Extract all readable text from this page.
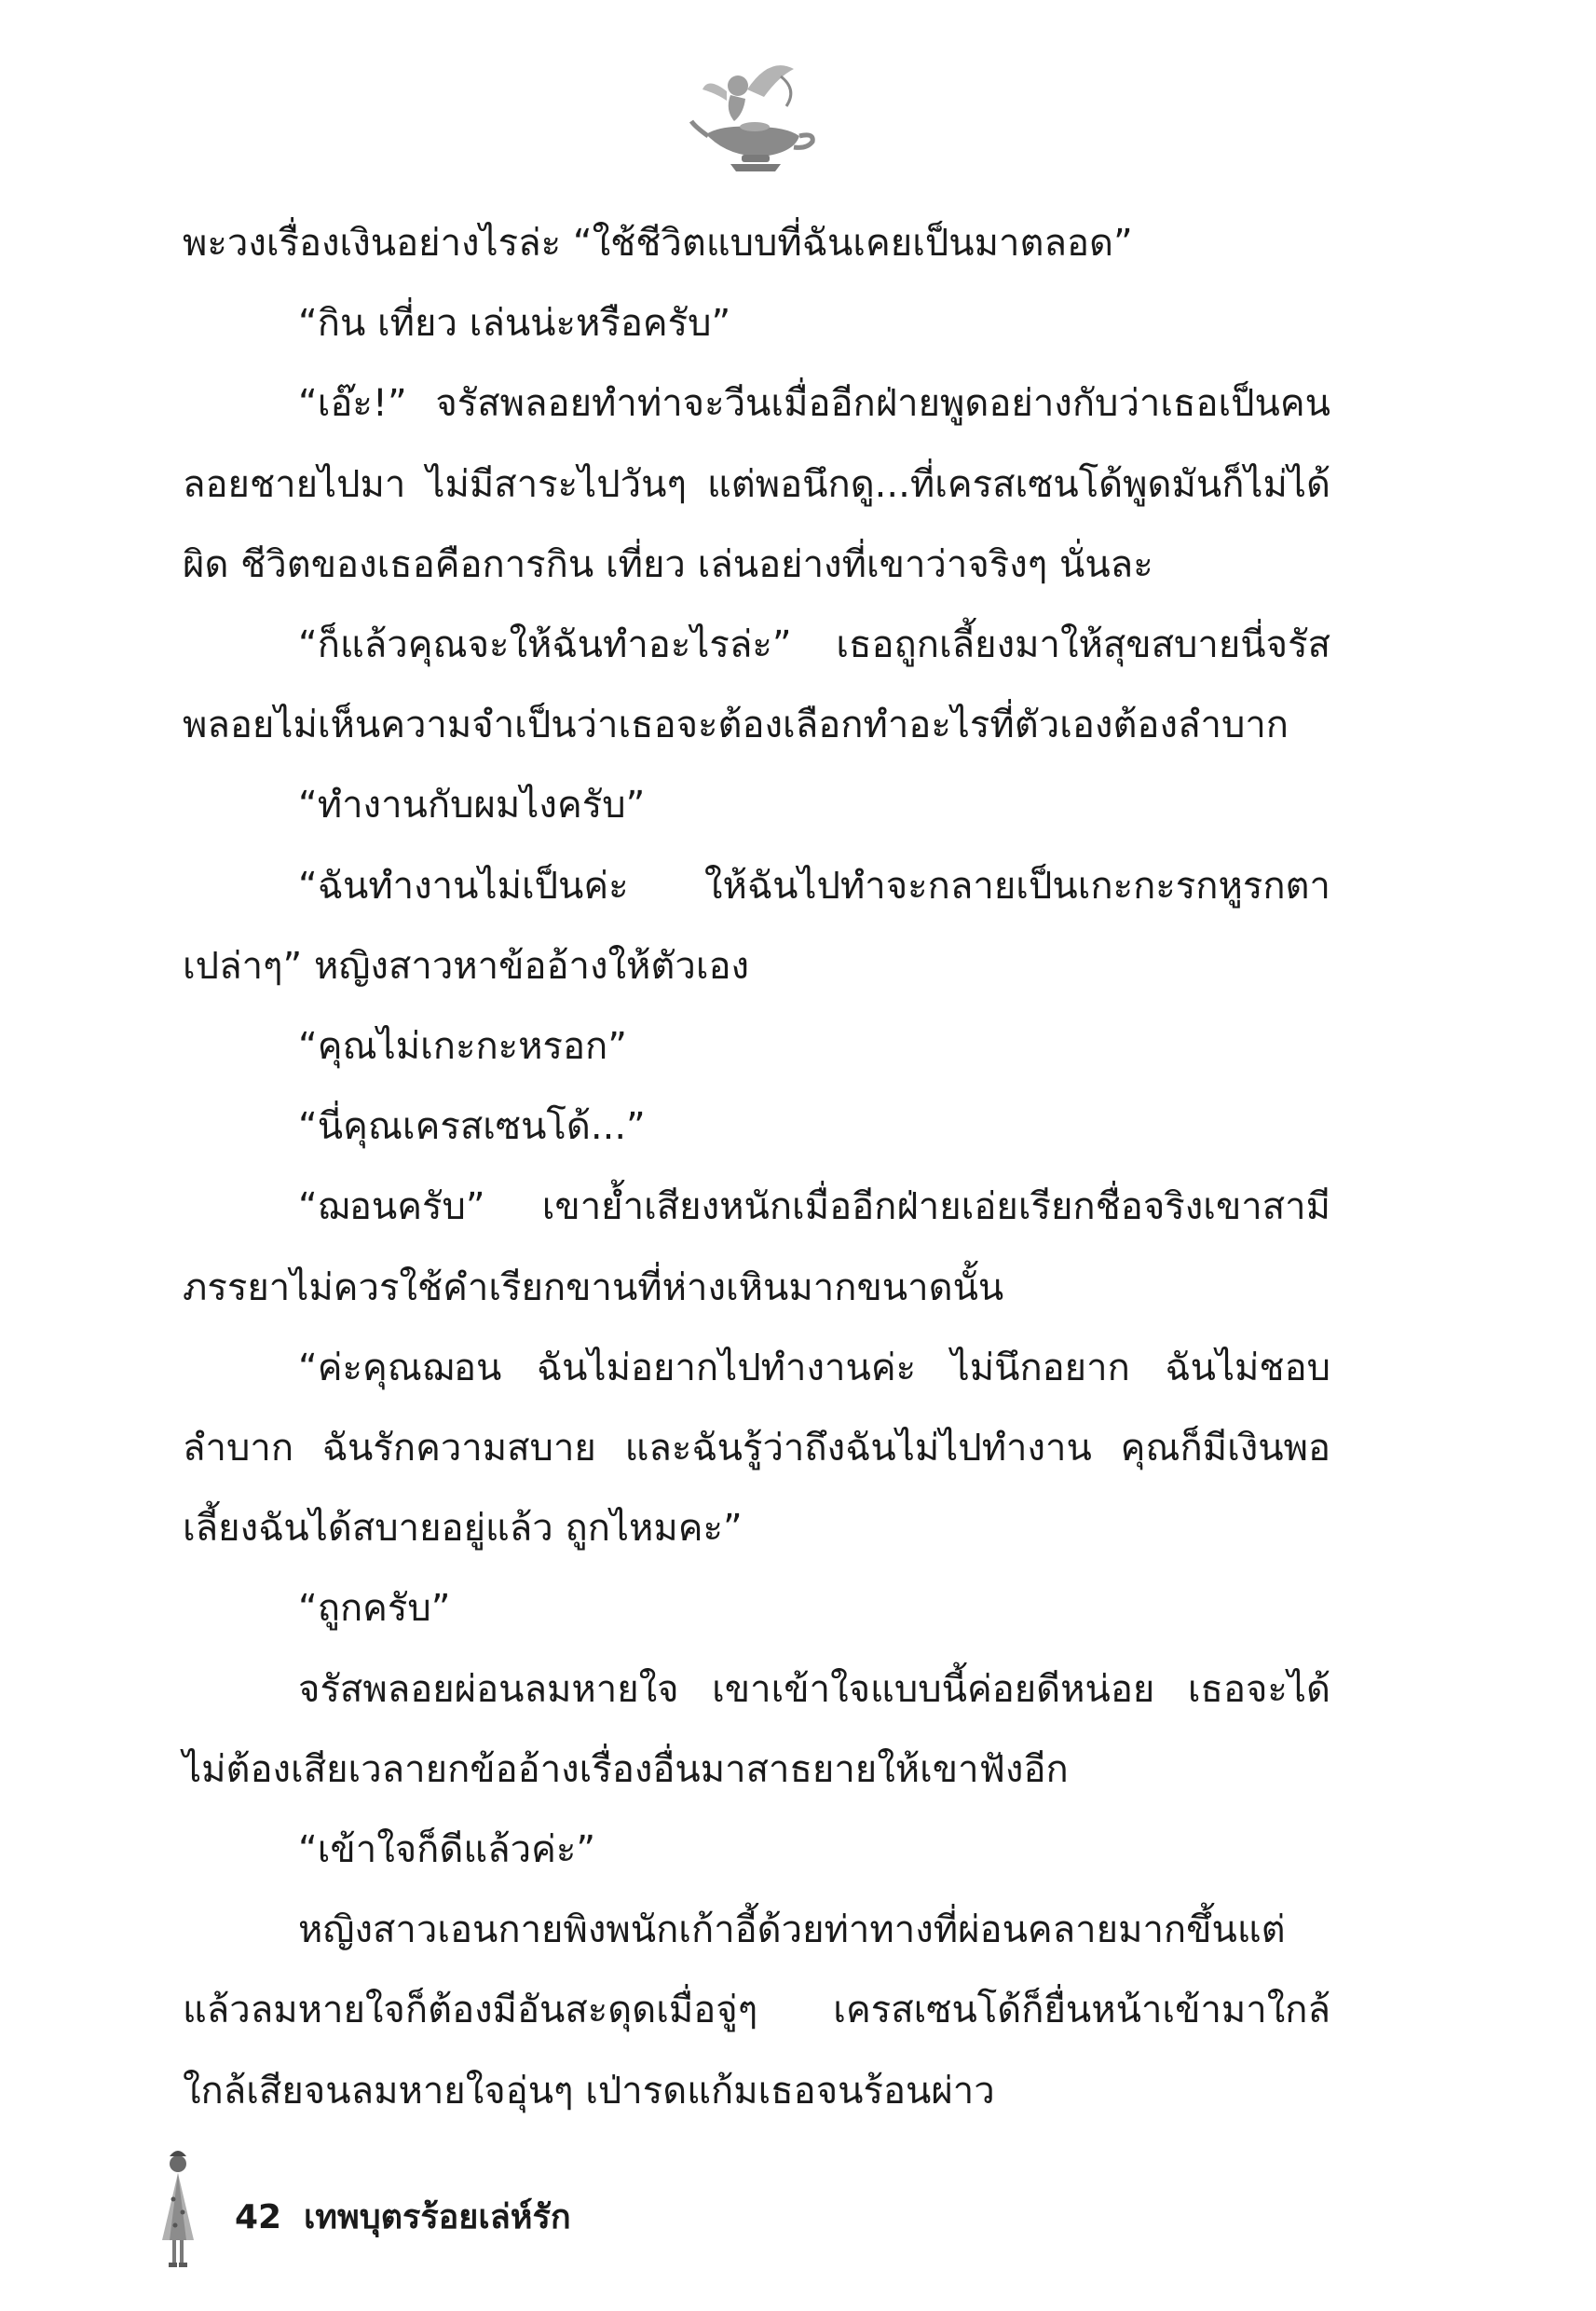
พะวงเรื่องเงินอย่างไรล่ะ “ใช้ชีวิตแบบที่ฉันเคยเป็นมาตลอด”

“กิน เที่ยว เล่นน่ะหรือครับ”

“เอ๊ะ!” จรัสพลอยทำท่าจะวีนเมื่ออีกฝ่ายพูดอย่างกับว่าเธอเป็นคนลอยชายไปมา ไม่มีสาระไปวันๆ แต่พอนึกดู...ที่เครสเซนโด้พูดมันก็ไม่ได้ผิด ชีวิตของเธอคือการกิน เที่ยว เล่นอย่างที่เขาว่าจริงๆ นั่นละ

“ก็แล้วคุณจะให้ฉันทำอะไรล่ะ” เธอถูกเลี้ยงมาให้สุขสบายนี่จรัสพลอยไม่เห็นความจำเป็นว่าเธอจะต้องเลือกทำอะไรที่ตัวเองต้องลำบาก

“ทำงานกับผมไงครับ”

“ฉันทำงานไม่เป็นค่ะ ให้ฉันไปทำจะกลายเป็นเกะกะรกหูรกตาเปล่าๆ” หญิงสาวหาข้ออ้างให้ตัวเอง

“คุณไม่เกะกะหรอก”

“นี่คุณเครสเซนโด้...”

“ฌอนครับ” เขาย้ำเสียงหนักเมื่ออีกฝ่ายเอ่ยเรียกชื่อจริงเขาสามีภรรยาไม่ควรใช้คำเรียกขานที่ห่างเหินมากขนาดนั้น

“ค่ะคุณฌอน ฉันไม่อยากไปทำงานค่ะ ไม่นึกอยาก ฉันไม่ชอบลำบาก ฉันรักความสบาย และฉันรู้ว่าถึงฉันไม่ไปทำงาน คุณก็มีเงินพอเลี้ยงฉันได้สบายอยู่แล้ว ถูกไหมคะ”

“ถูกครับ”

จรัสพลอยผ่อนลมหายใจ เขาเข้าใจแบบนี้ค่อยดีหน่อย เธอจะได้ไม่ต้องเสียเวลายกข้ออ้างเรื่องอื่นมาสาธยายให้เขาฟังอีก

“เข้าใจก็ดีแล้วค่ะ”

หญิงสาวเอนกายพิงพนักเก้าอี้ด้วยท่าทางที่ผ่อนคลายมากขึ้นแต่แล้วลมหายใจก็ต้องมีอันสะดุดเมื่อจู่ๆ เครสเซนโด้ก็ยื่นหน้าเข้ามาใกล้ ใกล้เสียจนลมหายใจอุ่นๆ เป่ารดแก้มเธอจนร้อนผ่าว

42 เทพบุตรร้อยเล่ห์รัก
